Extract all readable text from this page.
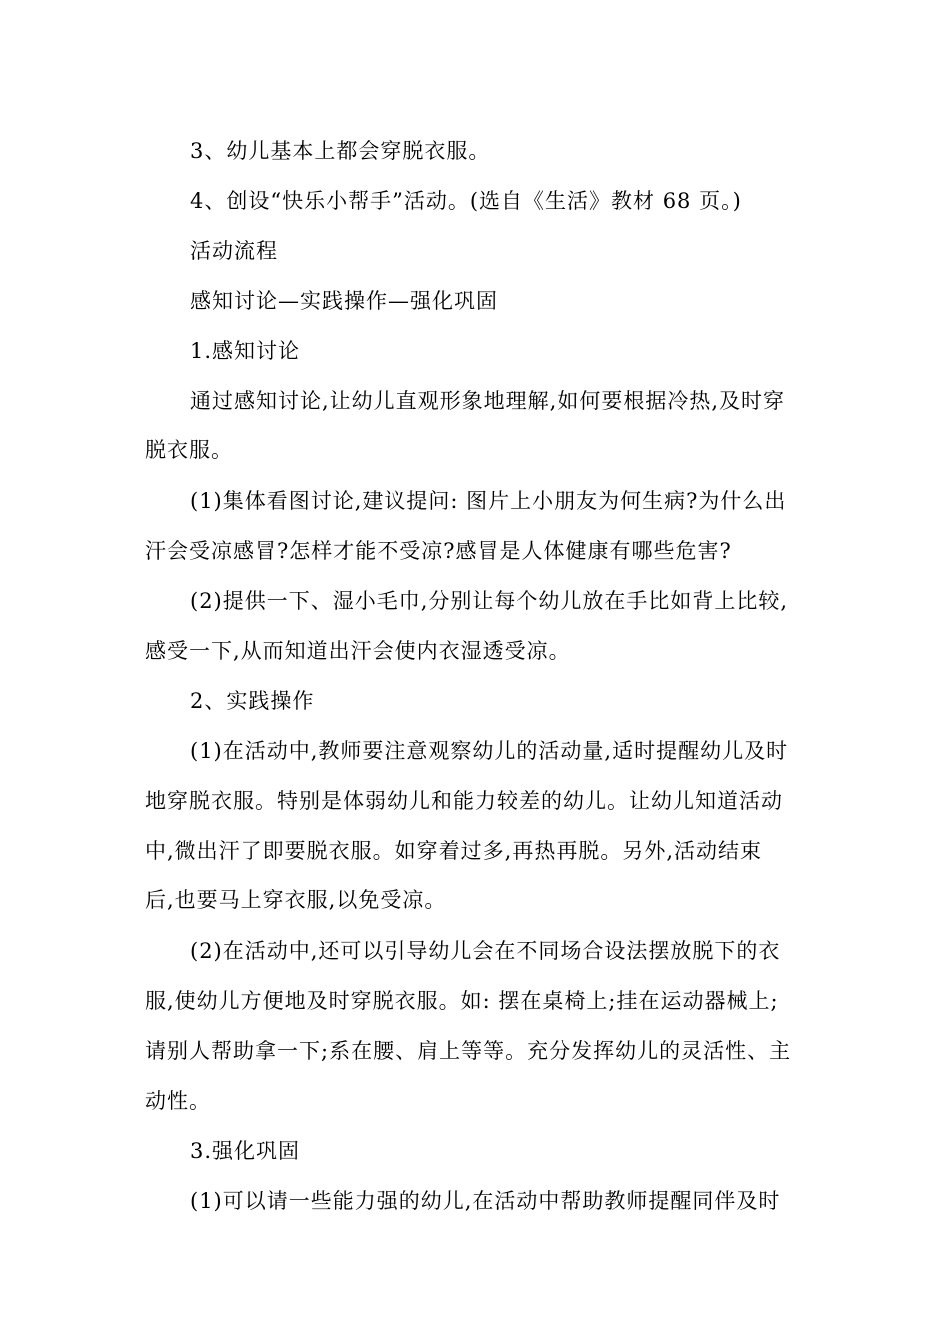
3、幼儿基本上都会穿脱衣服。
4、创设“快乐小帮手”活动。(选自《生活》教材 68 页。)
活动流程
感知讨论—实践操作—强化巩固
1.感知讨论
通过感知讨论,让幼儿直观形象地理解,如何要根据冷热,及时穿
脱衣服。
(1)集体看图讨论,建议提问: 图片上小朋友为何生病?为什么出
汗会受凉感冒?怎样才能不受凉?感冒是人体健康有哪些危害?
(2)提供一下、湿小毛巾,分别让每个幼儿放在手比如背上比较,
感受一下,从而知道出汗会使内衣湿透受凉。
2、实践操作
(1)在活动中,教师要注意观察幼儿的活动量,适时提醒幼儿及时
地穿脱衣服。特别是体弱幼儿和能力较差的幼儿。让幼儿知道活动
中,微出汗了即要脱衣服。如穿着过多,再热再脱。另外,活动结束
后,也要马上穿衣服,以免受凉。
(2)在活动中,还可以引导幼儿会在不同场合设法摆放脱下的衣
服,使幼儿方便地及时穿脱衣服。如: 摆在桌椅上;挂在运动器械上;
请别人帮助拿一下;系在腰、肩上等等。充分发挥幼儿的灵活性、主
动性。
3.强化巩固
(1)可以请一些能力强的幼儿,在活动中帮助教师提醒同伴及时
